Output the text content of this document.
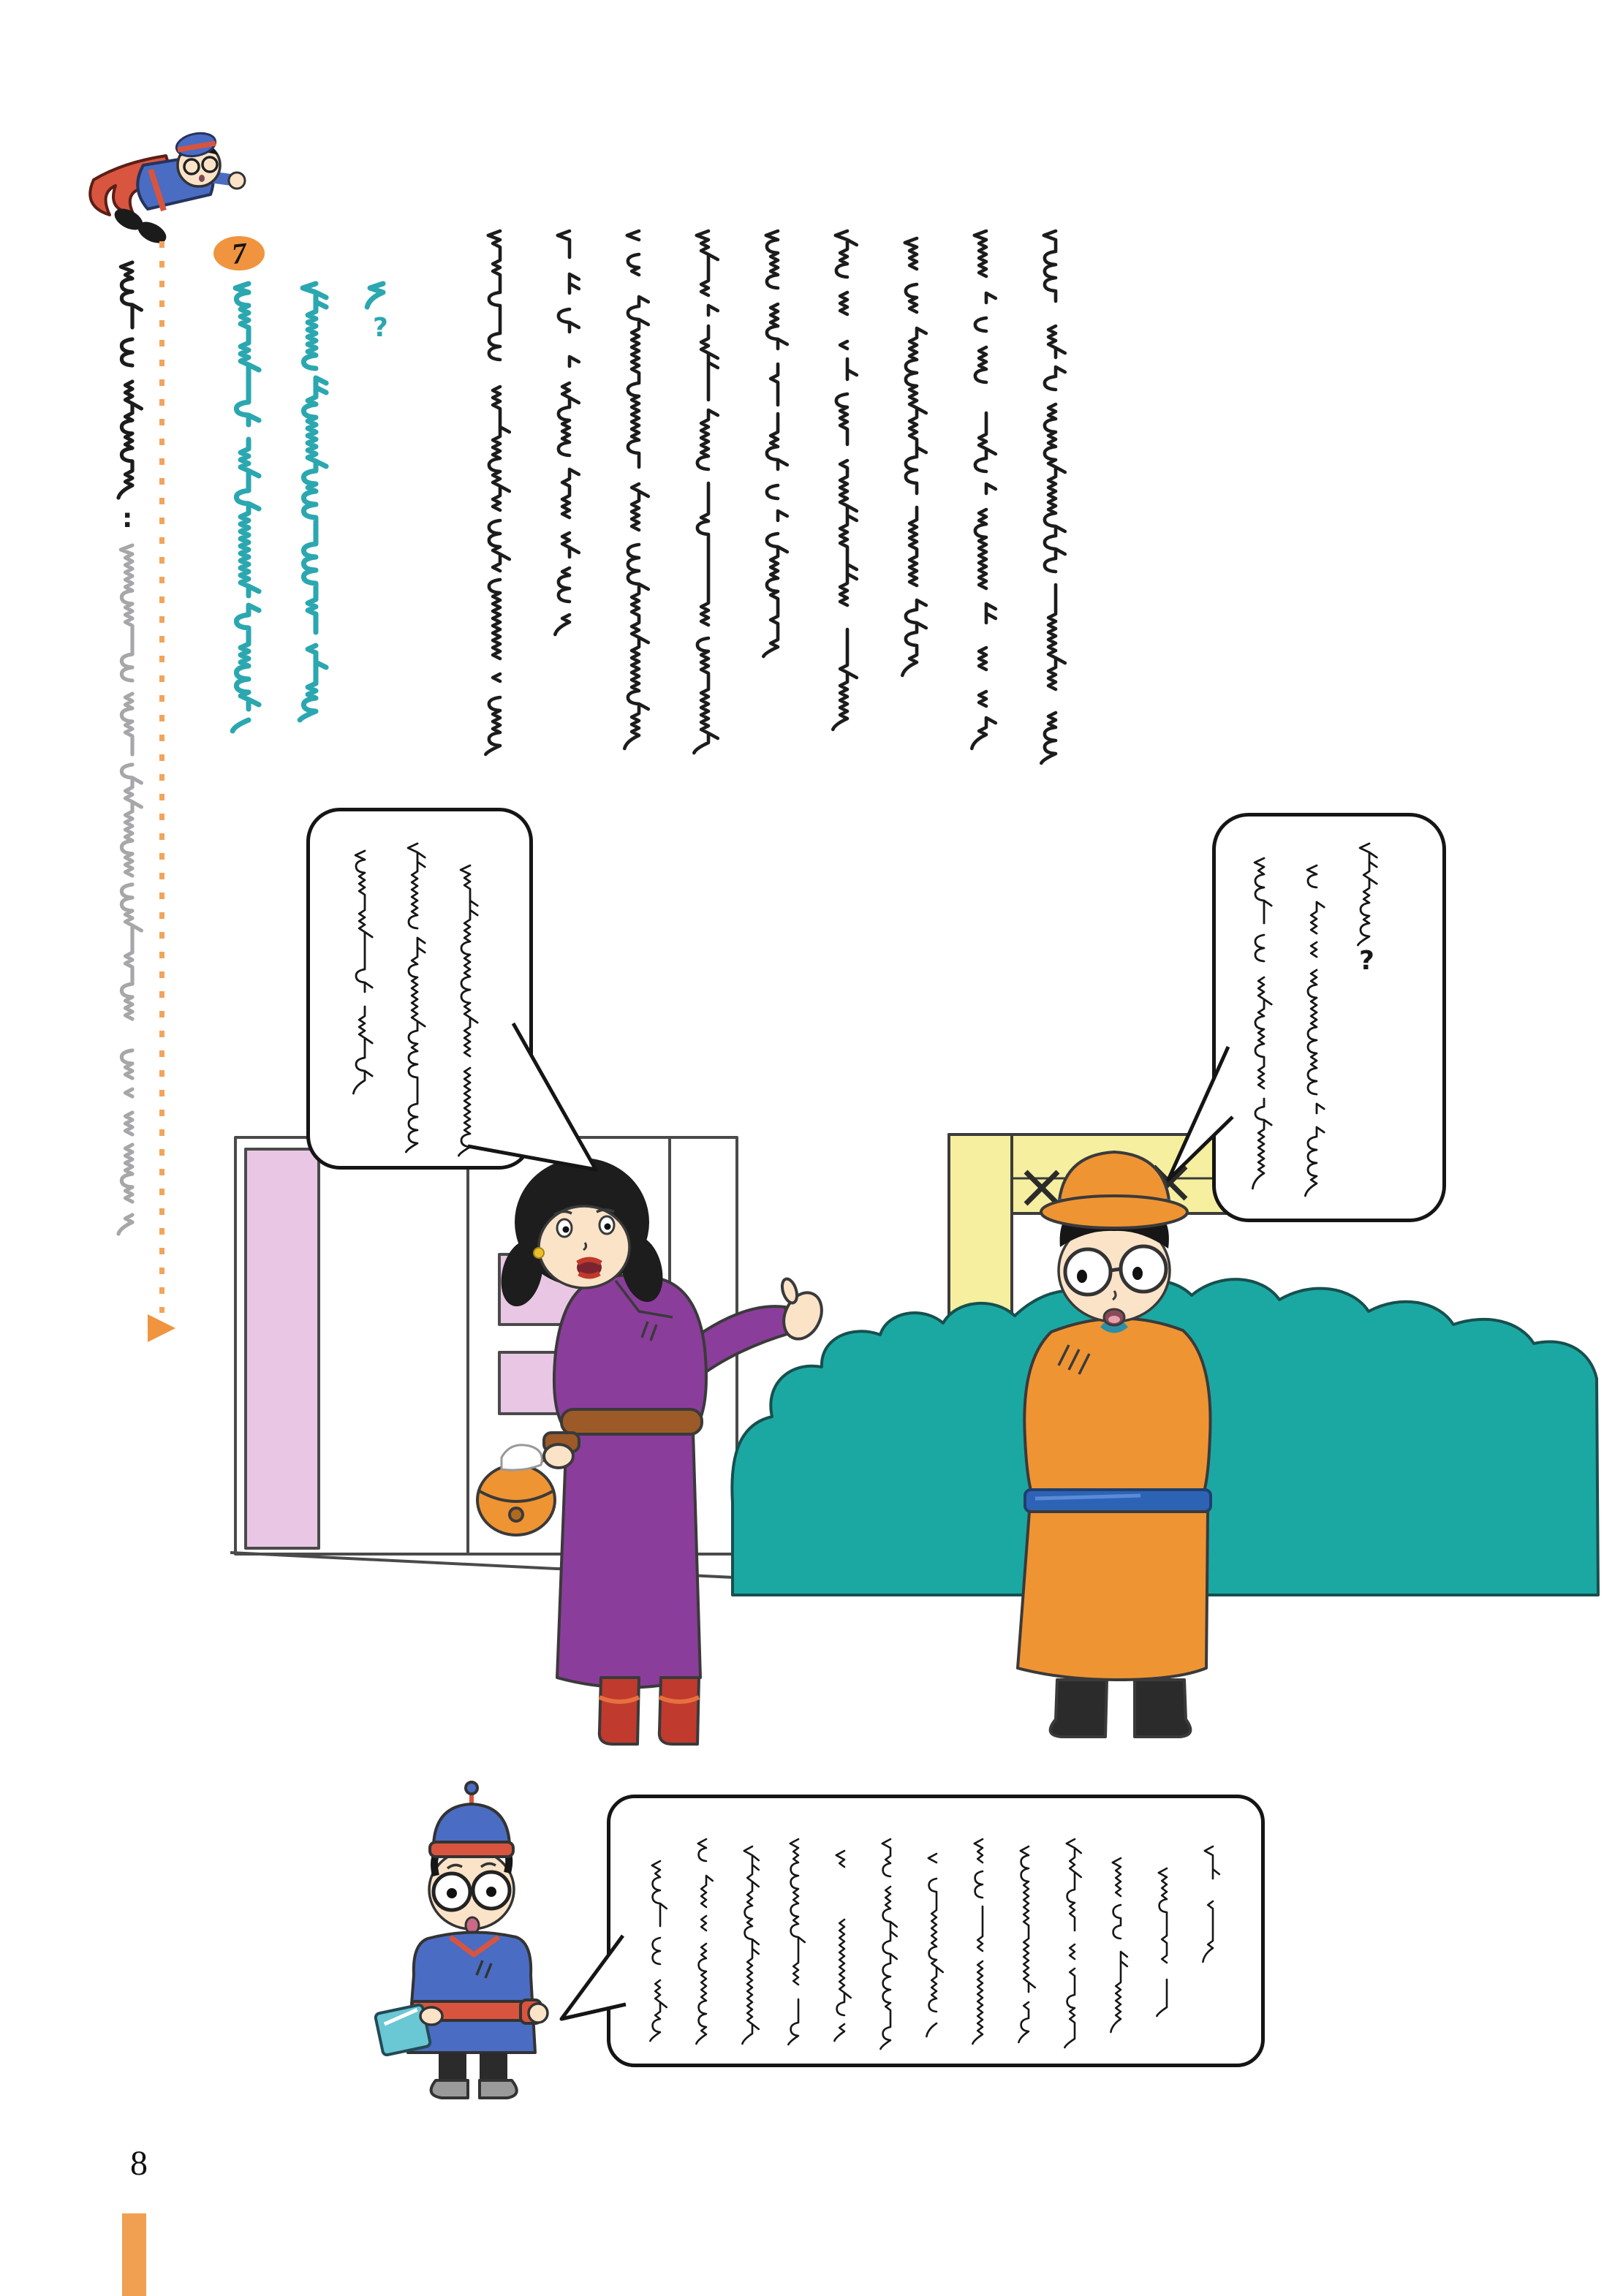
7
8
:
?
?
